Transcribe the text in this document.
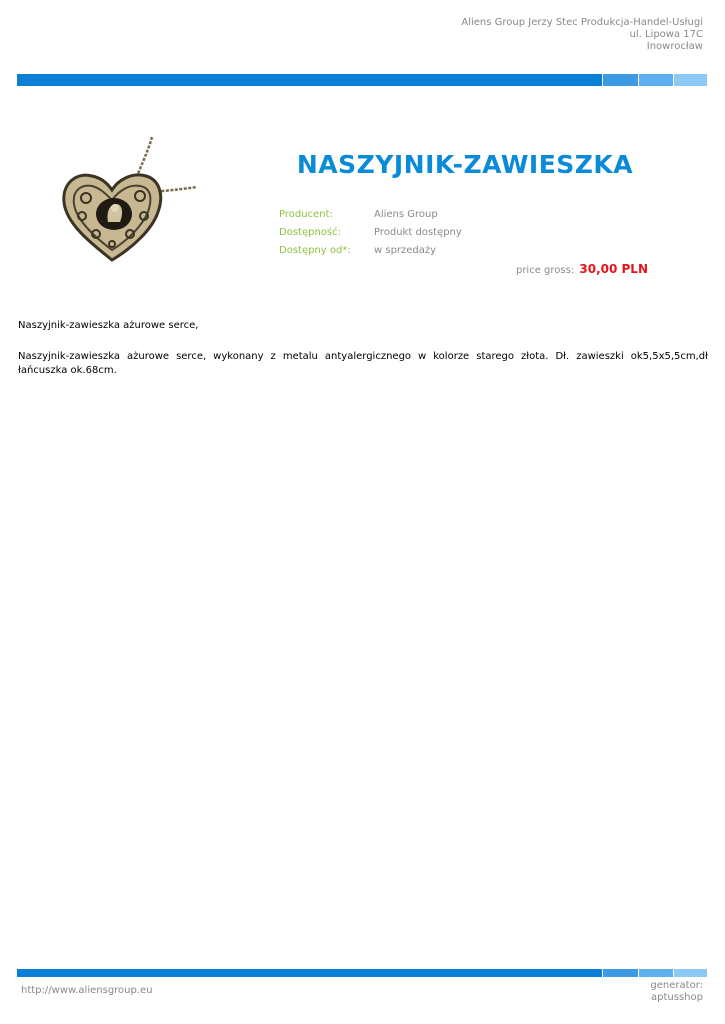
Aliens Group Jerzy Stec Produkcja-Handel-Usługi
ul. Lipowa 17C
Inowrocław
NASZYJNIK-ZAWIESZKA
Producent:	Aliens Group
Dostępność:	Produkt dostępny
Dostępny od*:	w sprzedaży
price gross: 30,00 PLN
Naszyjnik-zawieszka ażurowe serce,
Naszyjnik-zawieszka ażurowe serce, wykonany z metalu antyalergicznego w kolorze starego złota. Dł. zawieszki ok5,5x5,5cm,dł łańcuszka ok.68cm.
http://www.aliensgroup.eu	generator:
aptusshop
